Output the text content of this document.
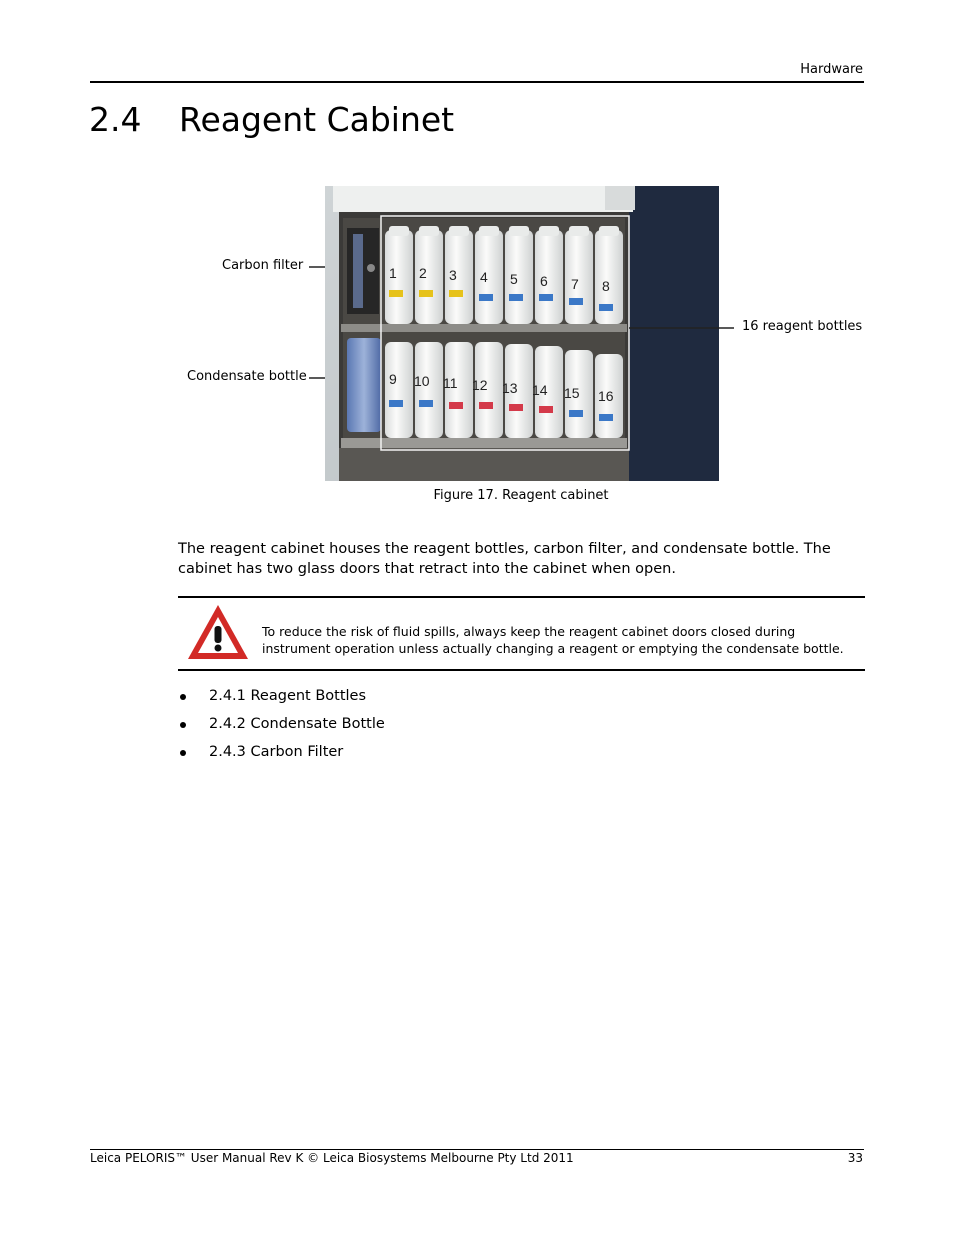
Hardware
2.4 Reagent Cabinet
Carbon filter
Condensate bottle
16 reagent bottles
1 2 3 4 5 6 7 8
9 10 11 12 13 14 15 16
Figure 17. Reagent cabinet
The reagent cabinet houses the reagent bottles, carbon filter, and condensate bottle. The cabinet has two glass doors that retract into the cabinet when open.
To reduce the risk of fluid spills, always keep the reagent cabinet doors closed during instrument operation unless actually changing a reagent or emptying the condensate bottle.
2.4.1 Reagent Bottles
2.4.2 Condensate Bottle
2.4.3 Carbon Filter
Leica PELORIS™ User Manual Rev K © Leica Biosystems Melbourne Pty Ltd 2011	33
